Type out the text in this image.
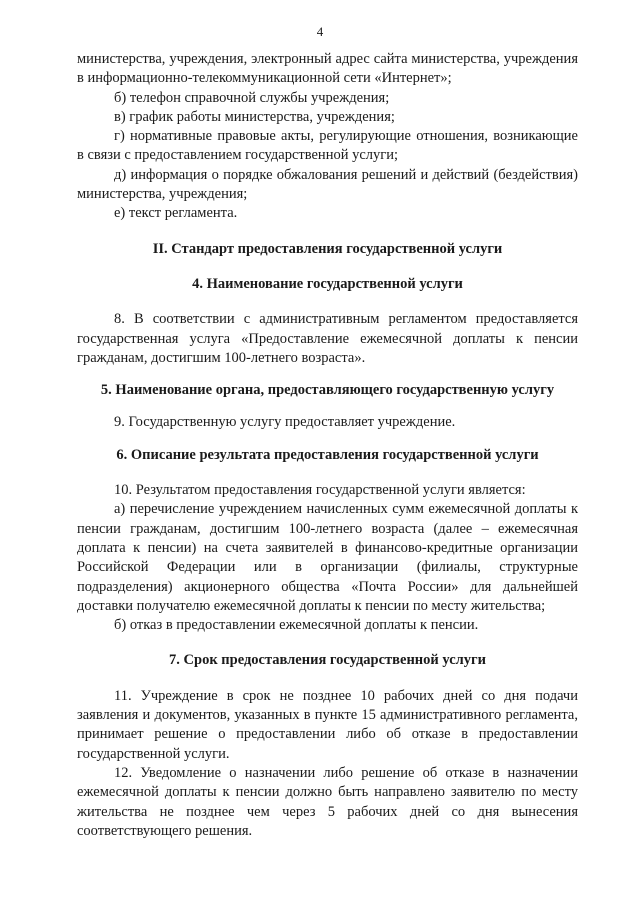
4

министерства, учреждения, электронный адрес сайта министерства, учреждения в информационно-телекоммуникационной сети «Интернет»;

б) телефон справочной службы учреждения;

в) график работы министерства, учреждения;

г) нормативные правовые акты, регулирующие отношения, возникающие в связи с предоставлением государственной услуги;

д) информация о порядке обжалования решений и действий (бездействия) министерства, учреждения;

е) текст регламента.

II. Стандарт предоставления государственной услуги

4. Наименование государственной услуги

8. В соответствии с административным регламентом предоставляется государственная услуга «Предоставление ежемесячной доплаты к пенсии гражданам, достигшим 100-летнего возраста».

5. Наименование органа, предоставляющего государственную услугу

9. Государственную услугу предоставляет учреждение.

6. Описание результата предоставления государственной услуги

10. Результатом предоставления государственной услуги является:

а) перечисление учреждением начисленных сумм ежемесячной доплаты к пенсии гражданам, достигшим 100-летнего возраста (далее – ежемесячная доплата к пенсии) на счета заявителей в финансово-кредитные организации Российской Федерации или в организации (филиалы, структурные подразделения) акционерного общества «Почта России» для дальнейшей доставки получателю ежемесячной доплаты к пенсии по месту жительства;

б) отказ в предоставлении ежемесячной доплаты к пенсии.

7. Срок предоставления государственной услуги

11. Учреждение в срок не позднее 10 рабочих дней со дня подачи заявления и документов, указанных в пункте 15 административного регламента, принимает решение о предоставлении либо об отказе в предоставлении государственной услуги.

12. Уведомление о назначении либо решение об отказе в назначении ежемесячной доплаты к пенсии должно быть направлено заявителю по месту жительства не позднее чем через 5 рабочих дней со дня вынесения соответствующего решения.
